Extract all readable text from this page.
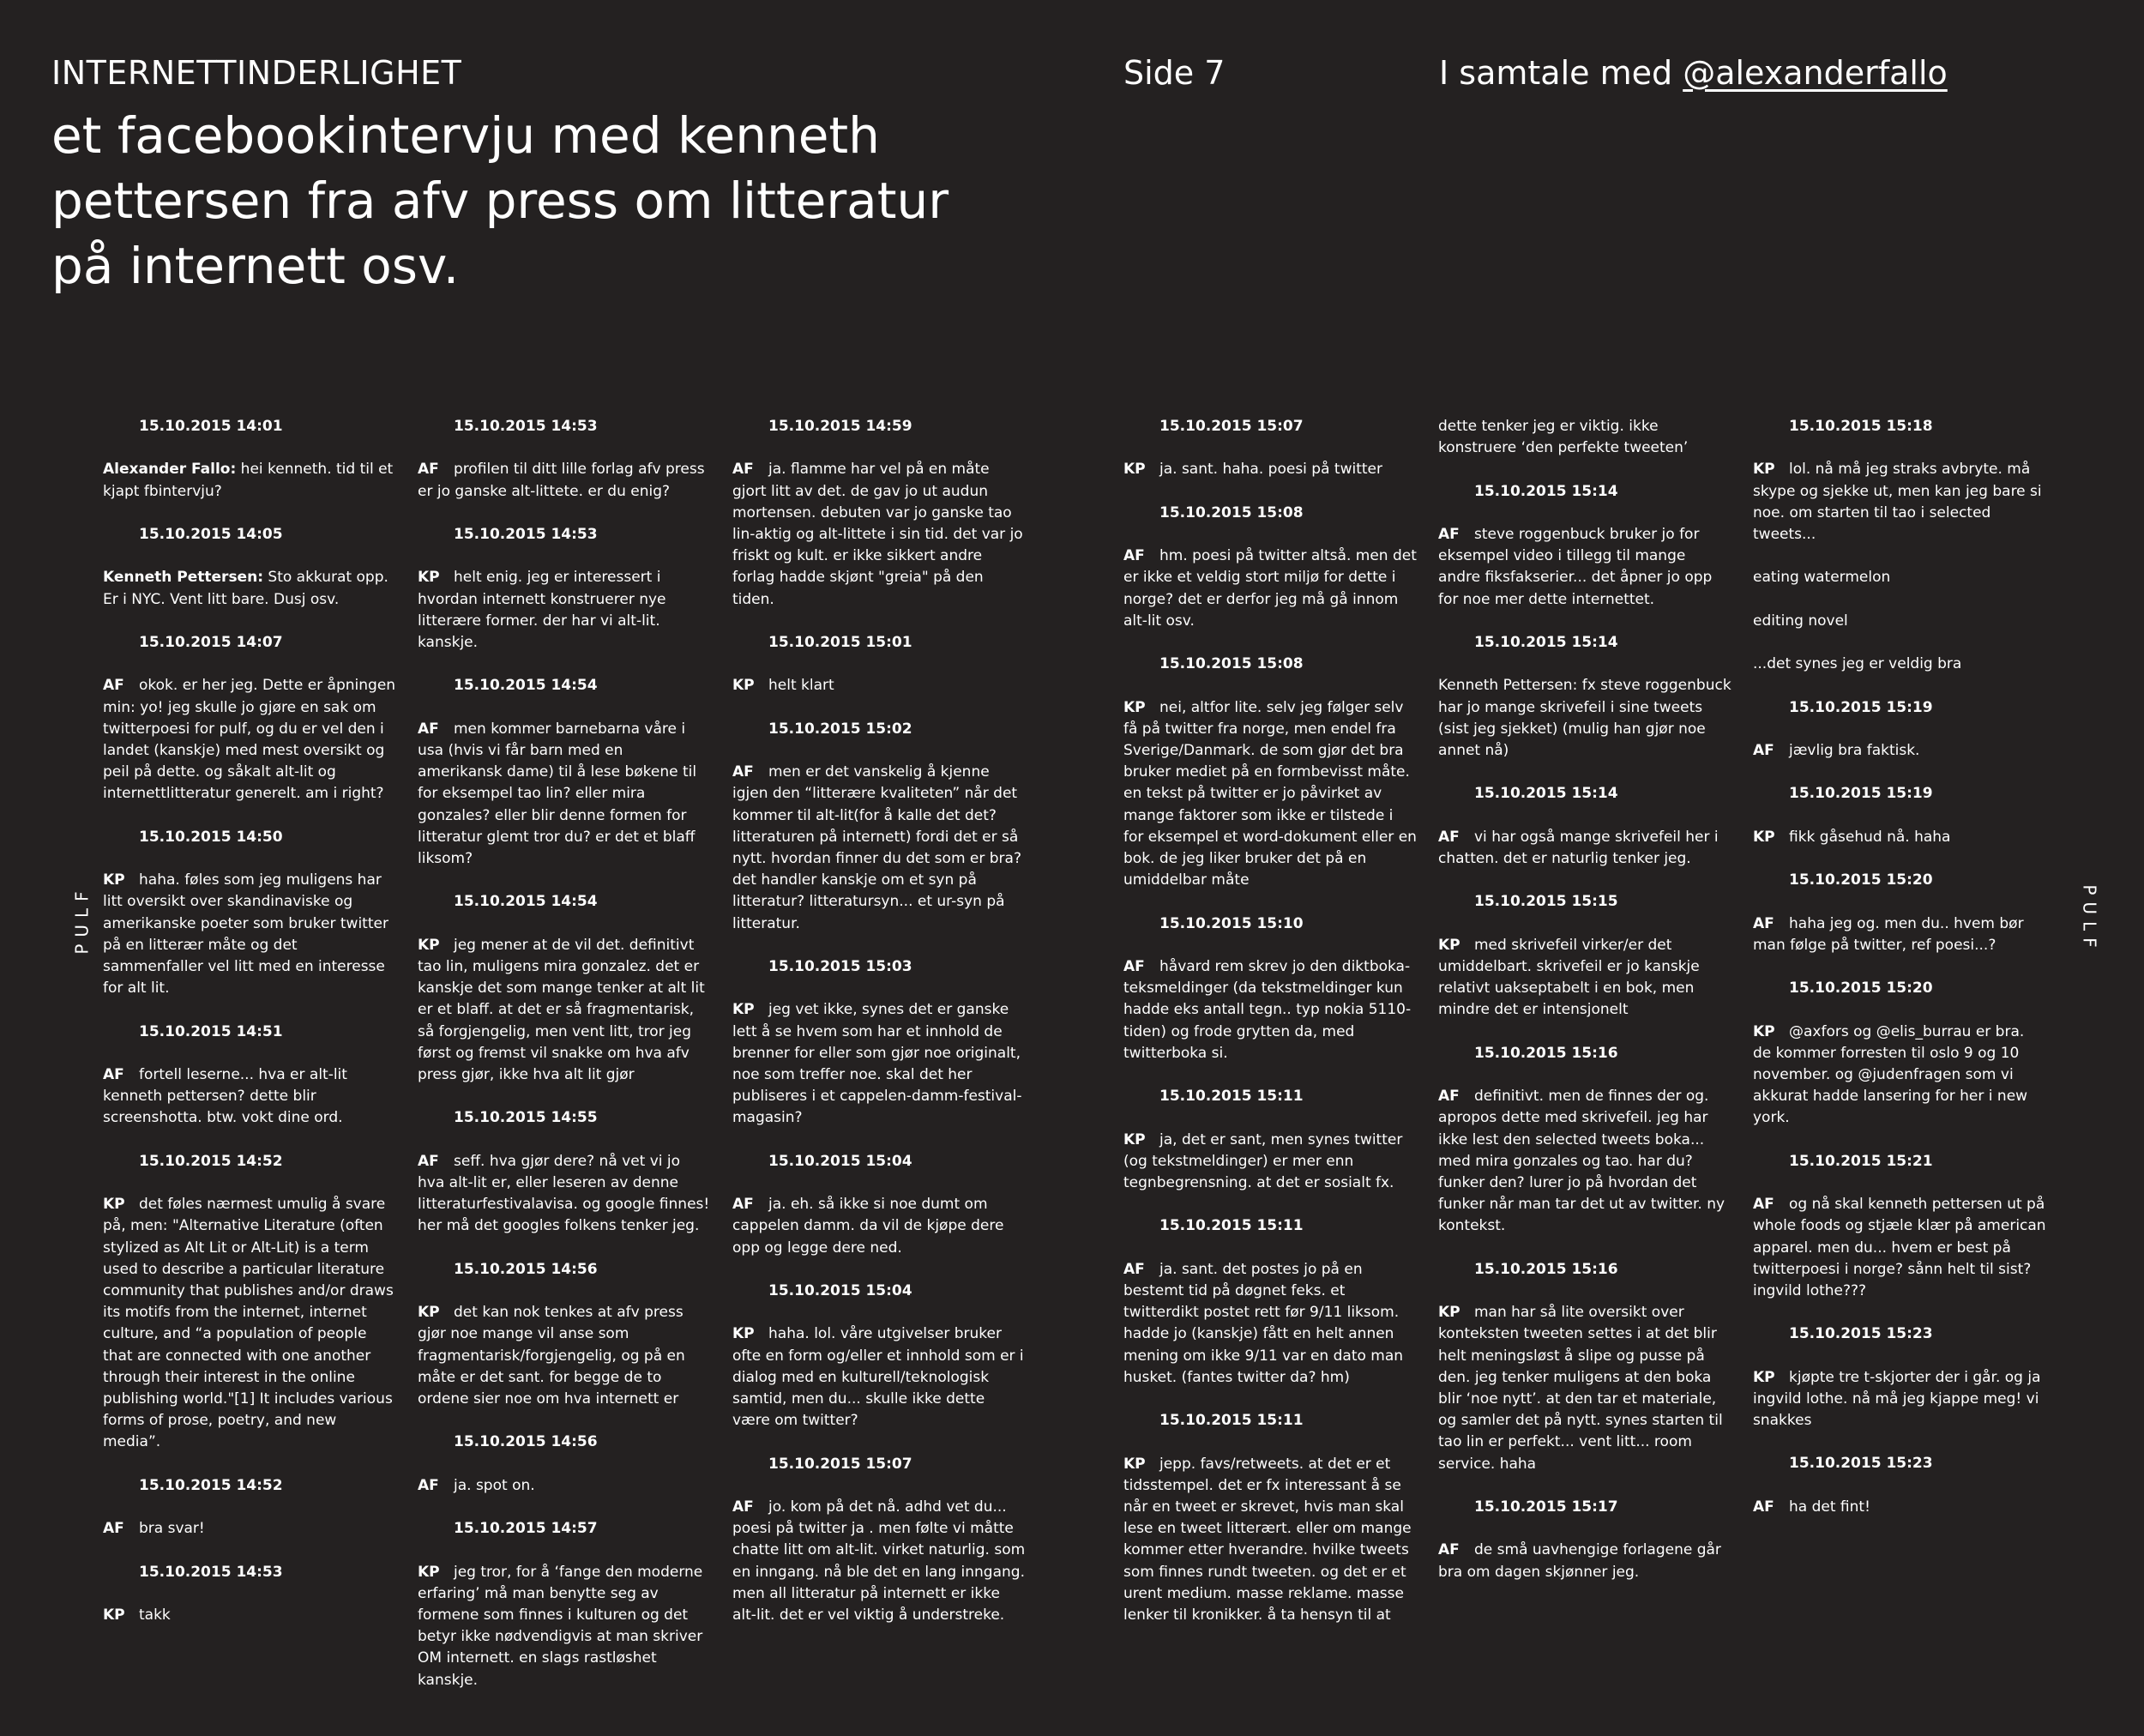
INTERNETTINDERLIGHET
et facebookintervju med kenneth pettersen fra afv press om litteratur på internett osv.
Side 7	I samtale med @alexanderfallo
PULF	PULF

15.10.2015 14:01

Alexander Fallo: hei kenneth. tid til et kjapt fbintervju?

15.10.2015 14:05

Kenneth Pettersen: Sto akkurat opp. Er i NYC. Vent litt bare. Dusj osv.

15.10.2015 14:07

AF okok. er her jeg. Dette er åpningen min: yo! jeg skulle jo gjøre en sak om twitterpoesi for pulf, og du er vel den i landet (kanskje) med mest oversikt og peil på dette. og såkalt alt-lit og internettlitteratur generelt. am i right?

15.10.2015 14:50

KP haha. føles som jeg muligens har litt oversikt over skandinaviske og amerikanske poeter som bruker twitter på en litterær måte og det sammenfaller vel litt med en interesse for alt lit.

15.10.2015 14:51

AF fortell leserne... hva er alt-lit kenneth pettersen? dette blir screenshotta. btw. vokt dine ord.

15.10.2015 14:52

KP det føles nærmest umulig å svare på, men: "Alternative Literature (often stylized as Alt Lit or Alt-Lit) is a term used to describe a particular literature community that publishes and/or draws its motifs from the internet, internet culture, and “a population of people that are connected with one another through their interest in the online publishing world."[1] It includes various forms of prose, poetry, and new media”.

15.10.2015 14:52

AF bra svar!

15.10.2015 14:53

KP takk

15.10.2015 14:53

AF profilen til ditt lille forlag afv press er jo ganske alt-littete. er du enig?

15.10.2015 14:53

KP helt enig. jeg er interessert i hvordan internett konstruerer nye litterære former. der har vi alt-lit. kanskje.

15.10.2015 14:54

AF men kommer barnebarna våre i usa (hvis vi får barn med en amerikansk dame) til å lese bøkene til for eksempel tao lin? eller mira gonzales? eller blir denne formen for litteratur glemt tror du? er det et blaff liksom?

15.10.2015 14:54

KP jeg mener at de vil det. definitivt tao lin, muligens mira gonzalez. det er kanskje det som mange tenker at alt lit er et blaff. at det er så fragmentarisk, så forgjengelig, men vent litt, tror jeg først og fremst vil snakke om hva afv press gjør, ikke hva alt lit gjør

15.10.2015 14:55

AF seff. hva gjør dere? nå vet vi jo hva alt-lit er, eller leseren av denne litteraturfestivalavisa. og google finnes! her må det googles folkens tenker jeg.

15.10.2015 14:56

KP det kan nok tenkes at afv press gjør noe mange vil anse som fragmentarisk/forgjengelig, og på en måte er det sant. for begge de to ordene sier noe om hva internett er

15.10.2015 14:56

AF ja. spot on.

15.10.2015 14:57

KP jeg tror, for å ‘fange den moderne erfaring’ må man benytte seg av formene som finnes i kulturen og det betyr ikke nødvendigvis at man skriver OM internett. en slags rastløshet kanskje.

15.10.2015 14:59

AF ja. flamme har vel på en måte gjort litt av det. de gav jo ut audun mortensen. debuten var jo ganske tao lin-aktig og alt-littete i sin tid. det var jo friskt og kult. er ikke sikkert andre forlag hadde skjønt "greia" på den tiden.

15.10.2015 15:01

KP helt klart

15.10.2015 15:02

AF men er det vanskelig å kjenne igjen den “litterære kvaliteten” når det kommer til alt-lit(for å kalle det det? litteraturen på internett) fordi det er så nytt. hvordan finner du det som er bra? det handler kanskje om et syn på litteratur? litteratursyn... et ur-syn på litteratur.

15.10.2015 15:03

KP jeg vet ikke, synes det er ganske lett å se hvem som har et innhold de brenner for eller som gjør noe originalt, noe som treffer noe. skal det her publiseres i et cappelen-damm-festival-magasin?

15.10.2015 15:04

AF ja. eh. så ikke si noe dumt om cappelen damm. da vil de kjøpe dere opp og legge dere ned.

15.10.2015 15:04

KP haha. lol. våre utgivelser bruker ofte en form og/eller et innhold som er i dialog med en kulturell/teknologisk samtid, men du... skulle ikke dette være om twitter?

15.10.2015 15:07

AF jo. kom på det nå. adhd vet du... poesi på twitter ja . men følte vi måtte chatte litt om alt-lit. virket naturlig. som en inngang. nå ble det en lang inngang. men all litteratur på internett er ikke alt-lit. det er vel viktig å understreke.

15.10.2015 15:07

KP ja. sant. haha. poesi på twitter

15.10.2015 15:08

AF hm. poesi på twitter altså. men det er ikke et veldig stort miljø for dette i norge? det er derfor jeg må gå innom alt-lit osv.

15.10.2015 15:08

KP nei, altfor lite. selv jeg følger selv få på twitter fra norge, men endel fra Sverige/Danmark. de som gjør det bra bruker mediet på en formbevisst måte. en tekst på twitter er jo påvirket av mange faktorer som ikke er tilstede i for eksempel et word-dokument eller en bok. de jeg liker bruker det på en umiddelbar måte

15.10.2015 15:10

AF håvard rem skrev jo den diktboka- teksmeldinger (da tekstmeldinger kun hadde eks antall tegn.. typ nokia 5110-tiden) og frode grytten da, med twitterboka si.

15.10.2015 15:11

KP ja, det er sant, men synes twitter (og tekstmeldinger) er mer enn tegnbegrensning. at det er sosialt fx.

15.10.2015 15:11

AF ja. sant. det postes jo på en bestemt tid på døgnet feks. et twitterdikt postet rett før 9/11 liksom. hadde jo (kanskje) fått en helt annen mening om ikke 9/11 var en dato man husket. (fantes twitter da? hm)

15.10.2015 15:11

KP jepp. favs/retweets. at det er et tidsstempel. det er fx interessant å se når en tweet er skrevet, hvis man skal lese en tweet litterært. eller om mange kommer etter hverandre. hvilke tweets som finnes rundt tweeten. og det er et urent medium. masse reklame. masse lenker til kronikker. å ta hensyn til at

dette tenker jeg er viktig. ikke konstruere ‘den perfekte tweeten’

15.10.2015 15:14

AF steve roggenbuck bruker jo for eksempel video i tillegg til mange andre fiksfakserier... det åpner jo opp for noe mer dette internettet.

15.10.2015 15:14

Kenneth Pettersen: fx steve roggenbuck har jo mange skrivefeil i sine tweets (sist jeg sjekket) (mulig han gjør noe annet nå)

15.10.2015 15:14

AF vi har også mange skrivefeil her i chatten. det er naturlig tenker jeg.

15.10.2015 15:15

KP med skrivefeil virker/er det umiddelbart. skrivefeil er jo kanskje relativt uakseptabelt i en bok, men mindre det er intensjonelt

15.10.2015 15:16

AF definitivt. men de finnes der og. apropos dette med skrivefeil. jeg har ikke lest den selected tweets boka... med mira gonzales og tao. har du? funker den? lurer jo på hvordan det funker når man tar det ut av twitter. ny kontekst.

15.10.2015 15:16

KP man har så lite oversikt over konteksten tweeten settes i at det blir helt meningsløst å slipe og pusse på den. jeg tenker muligens at den boka blir ‘noe nytt’. at den tar et materiale, og samler det på nytt. synes starten til tao lin er perfekt... vent litt... room service. haha

15.10.2015 15:17

AF de små uavhengige forlagene går bra om dagen skjønner jeg.

15.10.2015 15:18

KP lol. nå må jeg straks avbryte. må skype og sjekke ut, men kan jeg bare si noe. om starten til tao i selected tweets...

eating watermelon

editing novel

...det synes jeg er veldig bra

15.10.2015 15:19

AF jævlig bra faktisk.

15.10.2015 15:19

KP fikk gåsehud nå. haha

15.10.2015 15:20

AF haha jeg og. men du.. hvem bør man følge på twitter, ref poesi...?

15.10.2015 15:20

KP @axfors og @elis_burrau er bra. de kommer forresten til oslo 9 og 10 november. og @judenfragen som vi akkurat hadde lansering for her i new york.

15.10.2015 15:21

AF og nå skal kenneth pettersen ut på whole foods og stjæle klær på american apparel. men du... hvem er best på twitterpoesi i norge? sånn helt til sist? ingvild lothe???

15.10.2015 15:23

KP kjøpte tre t-skjorter der i går. og ja ingvild lothe. nå må jeg kjappe meg! vi snakkes

15.10.2015 15:23

AF ha det fint!
